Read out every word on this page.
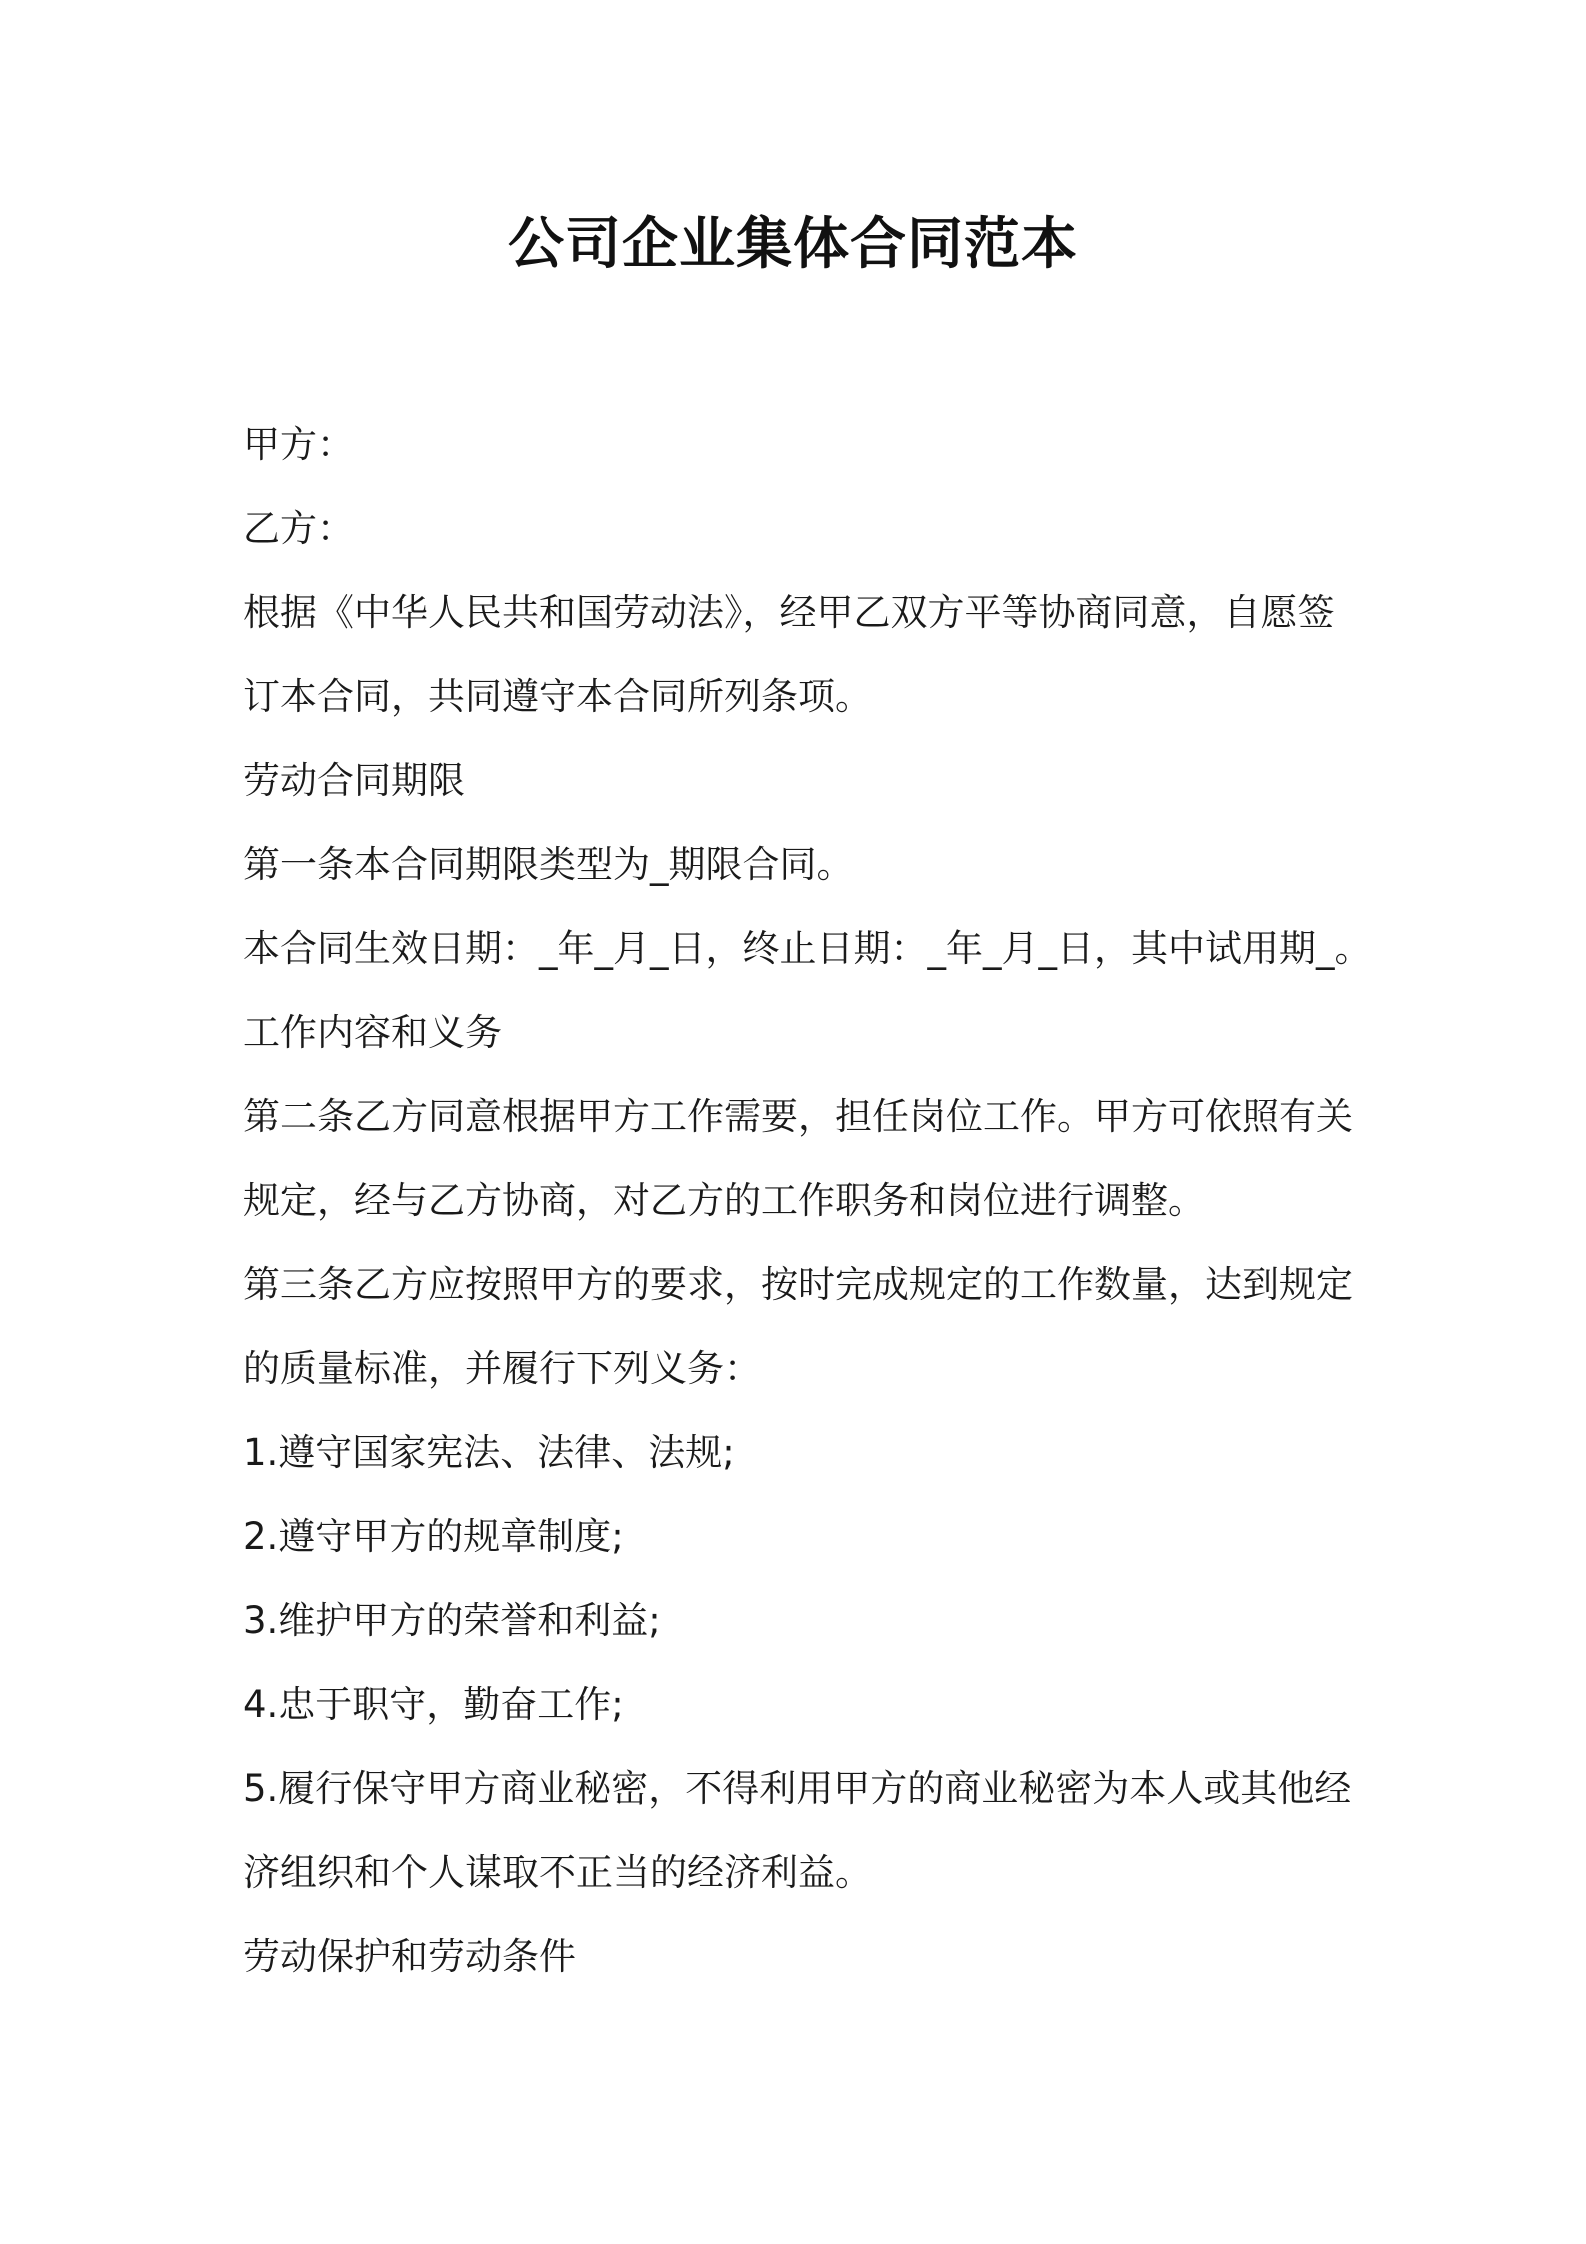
公司企业集体合同范本
甲方：
乙方：
根据《中华人民共和国劳动法》，经甲乙双方平等协商同意，自愿签
订本合同，共同遵守本合同所列条项。
劳动合同期限
第一条本合同期限类型为_期限合同。
本合同生效日期：_年_月_日，终止日期：_年_月_日，其中试用期_。
工作内容和义务
第二条乙方同意根据甲方工作需要，担任岗位工作。甲方可依照有关
规定，经与乙方协商，对乙方的工作职务和岗位进行调整。
第三条乙方应按照甲方的要求，按时完成规定的工作数量，达到规定
的质量标准，并履行下列义务：
1.遵守国家宪法、法律、法规;
2.遵守甲方的规章制度;
3.维护甲方的荣誉和利益;
4.忠于职守，勤奋工作;
5.履行保守甲方商业秘密，不得利用甲方的商业秘密为本人或其他经
济组织和个人谋取不正当的经济利益。
劳动保护和劳动条件
